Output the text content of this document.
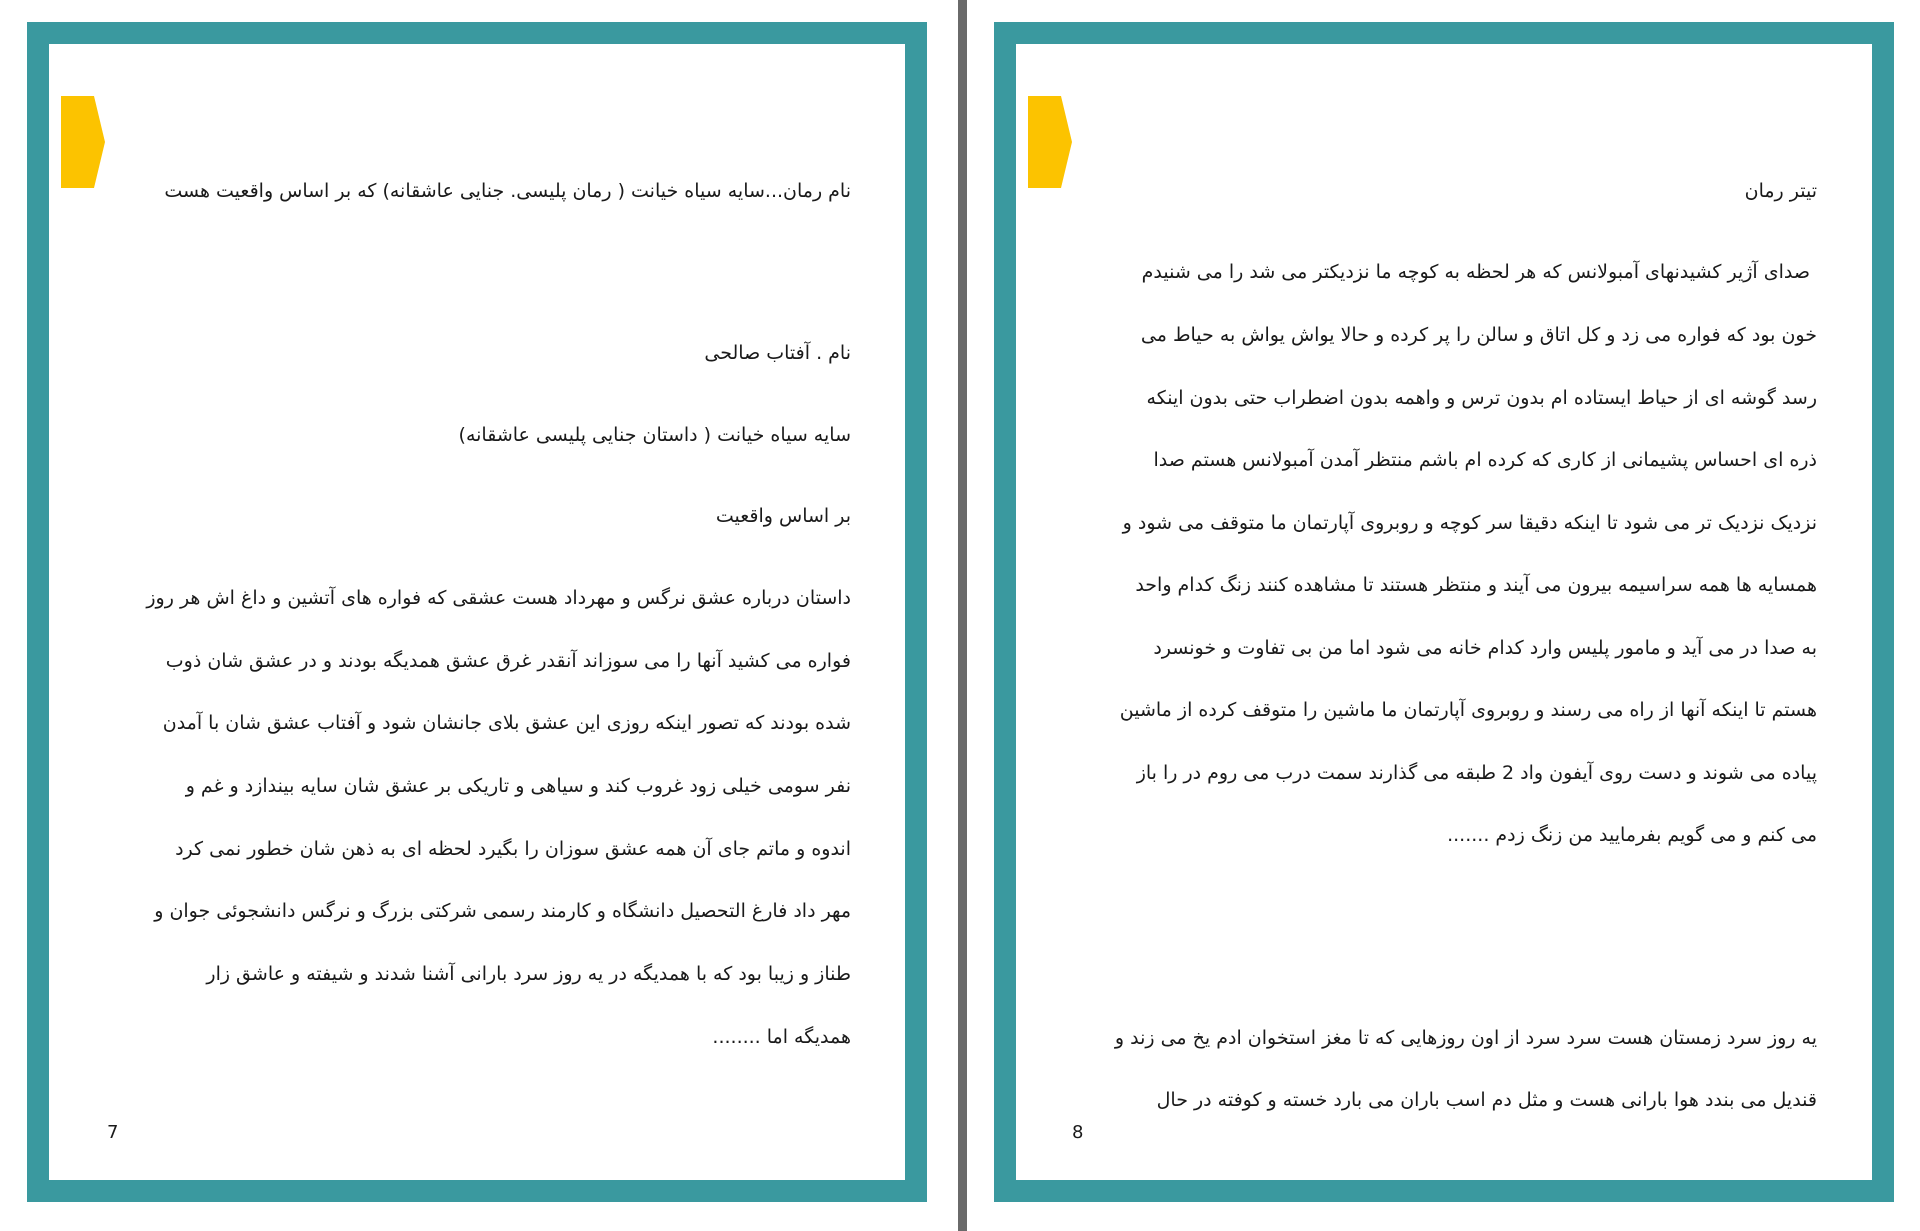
نام رمان...سایه سیاه خیانت ( رمان پلیسی. جنایی عاشقانه) که بر اساس واقعیت هست
نام . آفتاب صالحی
سایه سیاه خیانت ( داستان جنایی پلیسی عاشقانه)
بر اساس واقعیت
داستان درباره عشق نرگس و مهرداد هست عشقی که فواره های آتشین و داغ اش هر روز
فواره می کشید آنها را می سوزاند آنقدر غرق عشق همدیگه بودند و در عشق شان ذوب
شده بودند که تصور اینکه روزی این عشق بلای جانشان شود و آفتاب عشق شان با آمدن
نفر سومی خیلی زود غروب کند و سیاهی و تاریکی بر عشق شان سایه بیندازد و غم و
اندوه و ماتم جای آن همه عشق سوزان را بگیرد لحظه ای به ذهن شان خطور نمی کرد
مهر داد فارغ التحصیل دانشگاه و کارمند رسمی شرکتی بزرگ و نرگس دانشجوئی جوان و
طناز و زیبا بود که با همدیگه در یه روز سرد بارانی آشنا شدند و شیفته و عاشق زار
همدیگه اما ........
7
تیتر رمان
صدای آژیر کشیدنهای آمبولانس که هر لحظه به کوچه ما نزدیکتر می شد را می شنیدم
خون بود که فواره می زد و کل اتاق و سالن را پر کرده و حالا یواش یواش به حیاط می
رسد گوشه ای از حیاط ایستاده ام بدون ترس و واهمه بدون اضطراب حتی بدون اینکه
ذره ای احساس پشیمانی از کاری که کرده ام باشم منتظر آمدن آمبولانس هستم صدا
نزدیک نزدیک تر می شود تا اینکه دقیقا سر کوچه و روبروی آپارتمان ما متوقف می شود و
همسایه ها همه سراسیمه بیرون می آیند و منتظر هستند تا مشاهده کنند زنگ کدام واحد
به صدا در می آید و مامور پلیس وارد کدام خانه می شود اما من بی تفاوت و خونسرد
هستم تا اینکه آنها از راه می رسند و روبروی آپارتمان ما ماشین را متوقف کرده از ماشین
پیاده می شوند و دست روی آیفون واد 2 طبقه می گذارند سمت درب می روم در را باز
می کنم و می گویم بفرمایید من زنگ زدم .......
یه روز سرد زمستان هست سرد سرد از اون روزهایی که تا مغز استخوان ادم یخ می زند و
قندیل می بندد هوا بارانی هست و مثل دم اسب باران می بارد خسته و کوفته در حال
8
